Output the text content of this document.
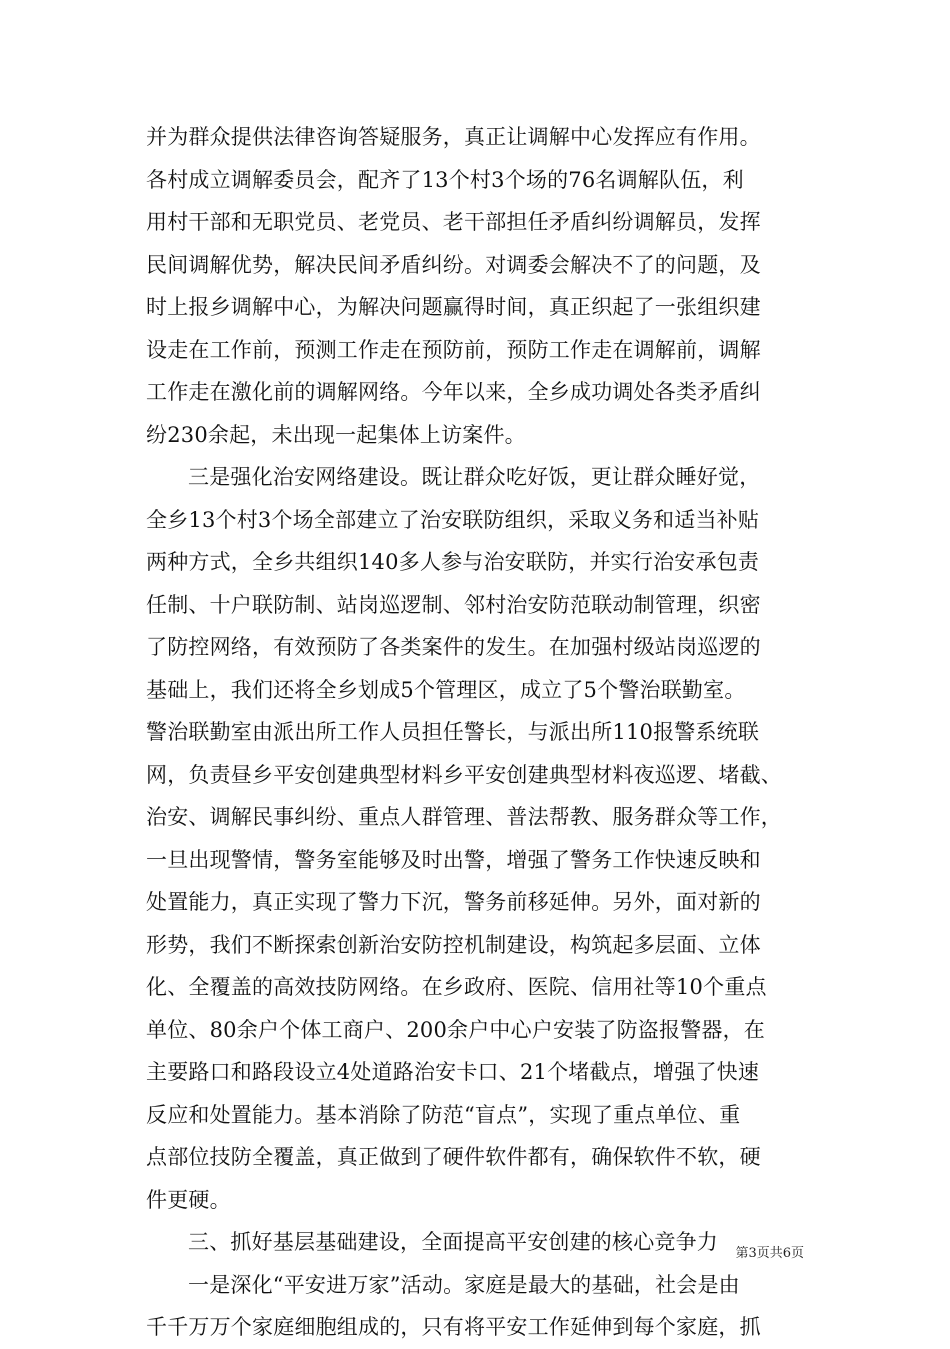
并为群众提供法律咨询答疑服务，真正让调解中心发挥应有作用。
各村成立调解委员会，配齐了13个村3个场的76名调解队伍，利
用村干部和无职党员、老党员、老干部担任矛盾纠纷调解员，发挥
民间调解优势，解决民间矛盾纠纷。对调委会解决不了的问题，及
时上报乡调解中心，为解决问题赢得时间，真正织起了一张组织建
设走在工作前，预测工作走在预防前，预防工作走在调解前，调解
工作走在激化前的调解网络。今年以来，全乡成功调处各类矛盾纠
纷230余起，未出现一起集体上访案件。
三是强化治安网络建设。既让群众吃好饭，更让群众睡好觉，
全乡13个村3个场全部建立了治安联防组织，采取义务和适当补贴
两种方式，全乡共组织140多人参与治安联防，并实行治安承包责
任制、十户联防制、站岗巡逻制、邻村治安防范联动制管理，织密
了防控网络，有效预防了各类案件的发生。在加强村级站岗巡逻的
基础上，我们还将全乡划成5个管理区，成立了5个警治联勤室。
警治联勤室由派出所工作人员担任警长，与派出所110报警系统联
网，负责昼乡平安创建典型材料乡平安创建典型材料夜巡逻、堵截、
治安、调解民事纠纷、重点人群管理、普法帮教、服务群众等工作，
一旦出现警情，警务室能够及时出警，增强了警务工作快速反映和
处置能力，真正实现了警力下沉，警务前移延伸。另外，面对新的
形势，我们不断探索创新治安防控机制建设，构筑起多层面、立体
化、全覆盖的高效技防网络。在乡政府、医院、信用社等10个重点
单位、80余户个体工商户、200余户中心户安装了防盗报警器，在
主要路口和路段设立4处道路治安卡口、21个堵截点，增强了快速
反应和处置能力。基本消除了防范“盲点”，实现了重点单位、重
点部位技防全覆盖，真正做到了硬件软件都有，确保软件不软，硬
件更硬。
三、抓好基层基础建设，全面提高平安创建的核心竞争力
一是深化“平安进万家”活动。家庭是最大的基础，社会是由
千千万万个家庭细胞组成的，只有将平安工作延伸到每个家庭，抓
第3页共6页
